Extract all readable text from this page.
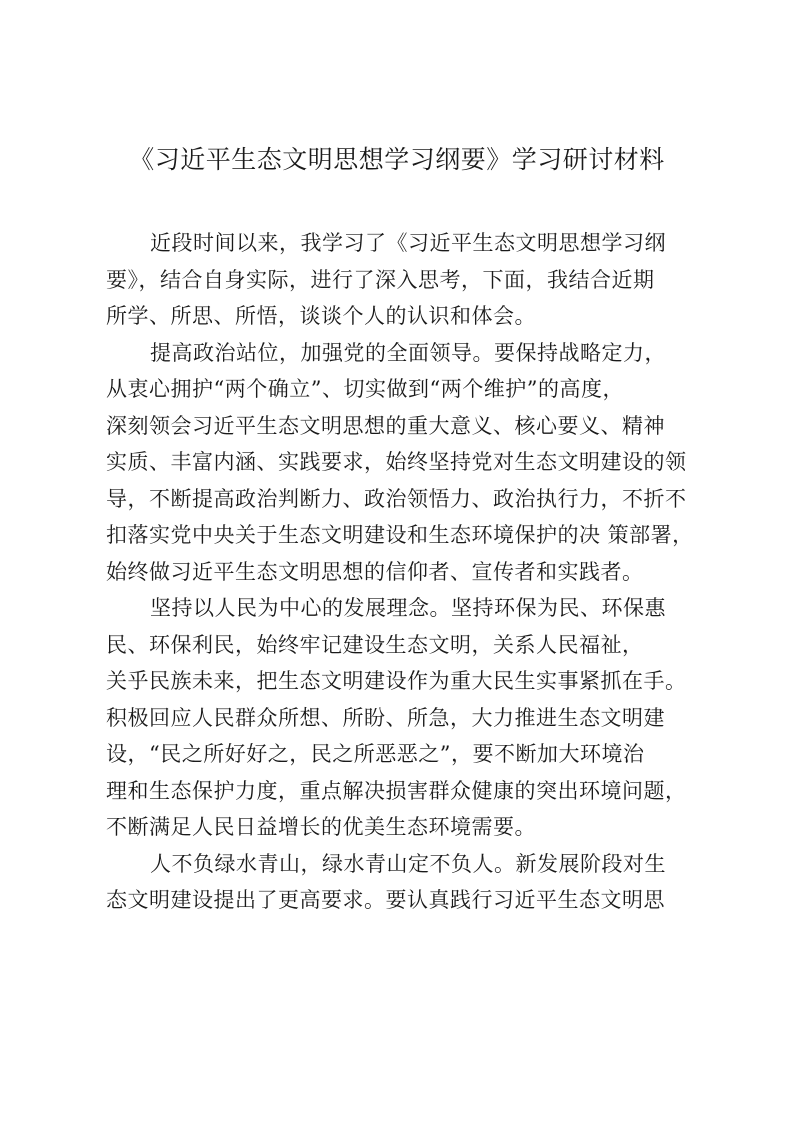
《习近平生态文明思想学习纲要》学习研讨材料
近段时间以来，我学习了《习近平生态文明思想学习纲
要》，结合自身实际，进行了深入思考，下面，我结合近期
所学、所思、所悟，谈谈个人的认识和体会。
提高政治站位，加强党的全面领导。要保持战略定力，
从衷心拥护“两个确立”、切实做到“两个维护”的高度，
深刻领会习近平生态文明思想的重大意义、核心要义、精神
实质、丰富内涵、实践要求，始终坚持党对生态文明建设的领
导，不断提高政治判断力、政治领悟力、政治执行力，不折不
扣落实党中央关于生态文明建设和生态环境保护的决 策部署，
始终做习近平生态文明思想的信仰者、宣传者和实践者。
坚持以人民为中心的发展理念。坚持环保为民、环保惠
民、环保利民，始终牢记建设生态文明，关系人民福祉，
关乎民族未来，把生态文明建设作为重大民生实事紧抓在手。
积极回应人民群众所想、所盼、所急，大力推进生态文明建
设，“民之所好好之，民之所恶恶之”，要不断加大环境治
理和生态保护力度，重点解决损害群众健康的突出环境问题，
不断满足人民日益增长的优美生态环境需要。
人不负绿水青山，绿水青山定不负人。新发展阶段对生
态文明建设提出了更高要求。要认真践行习近平生态文明思
